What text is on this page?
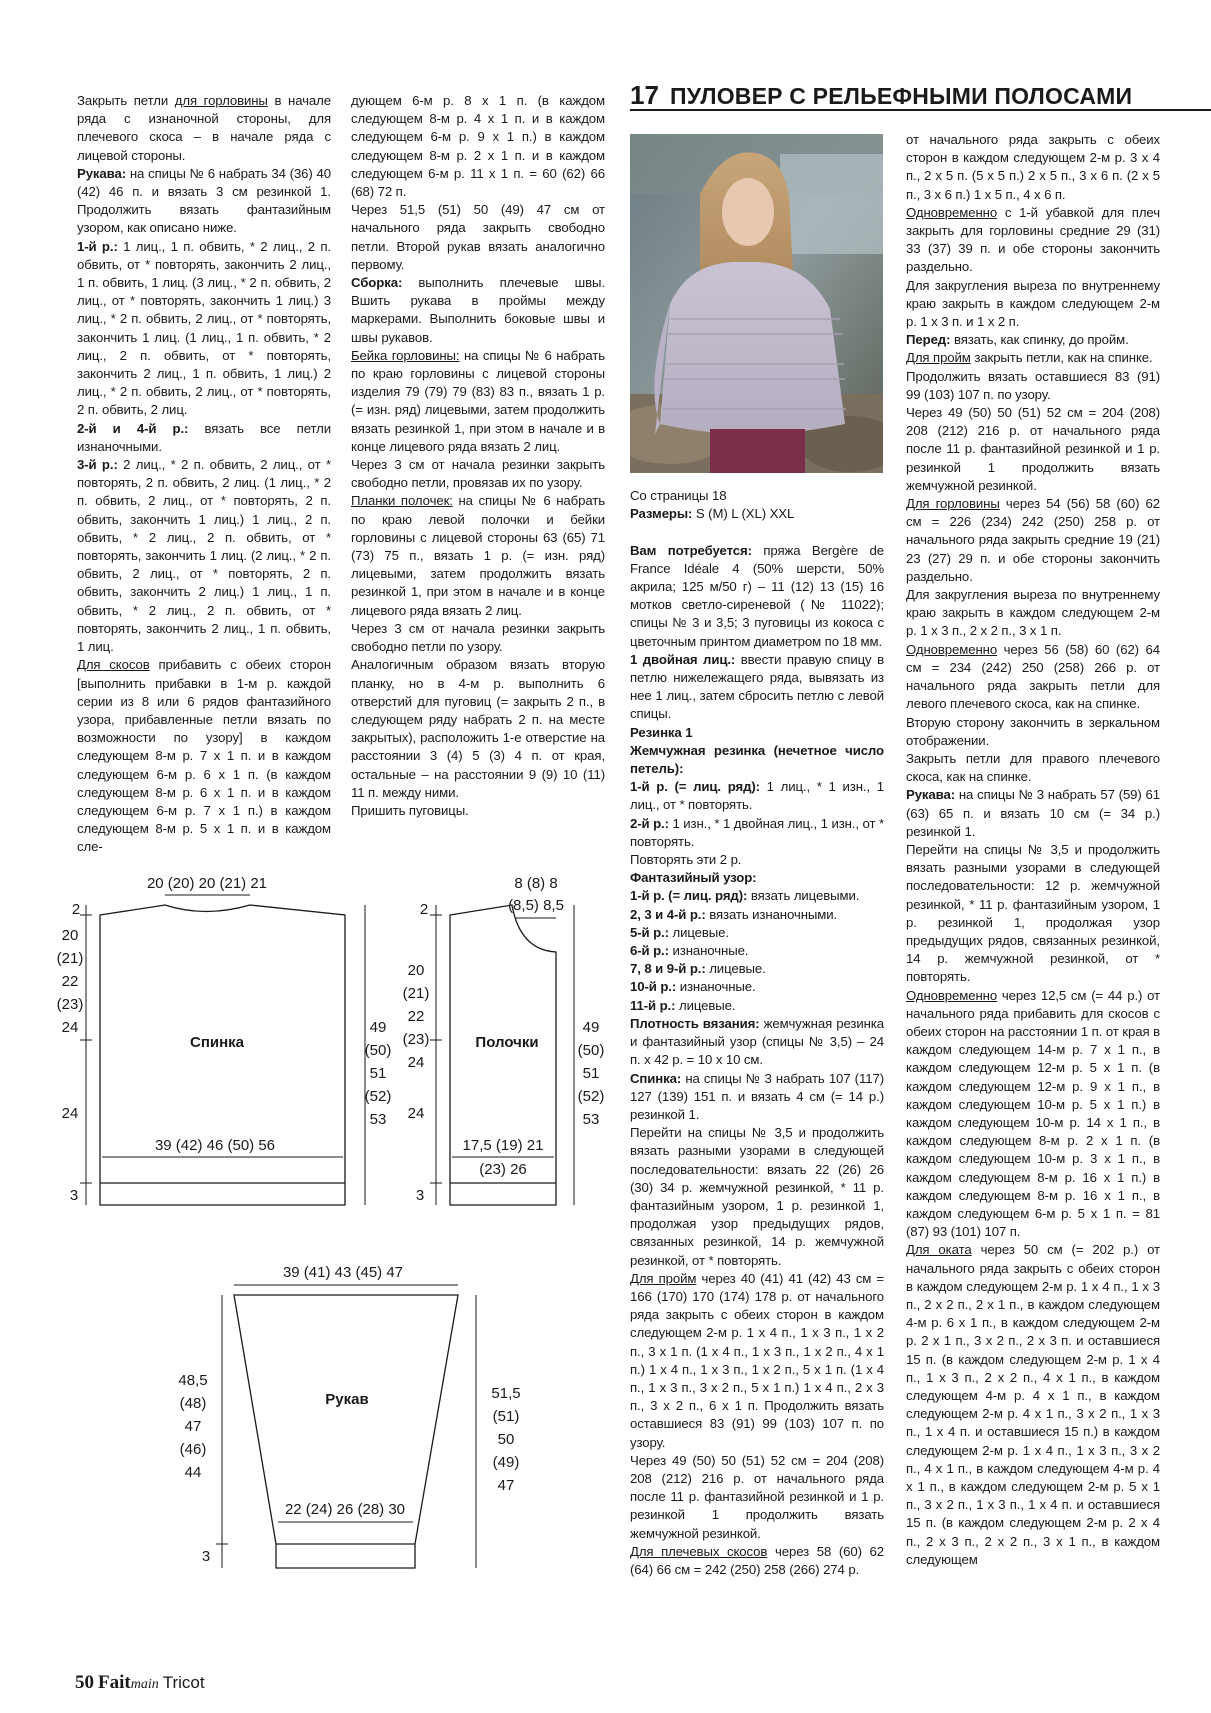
17 ПУЛОВЕР С РЕЛЬЕФНЫМИ ПОЛОСАМИ

Закрыть петли для горловины в начале ряда с изнаночной стороны, для плечевого скоса – в начале ряда с лицевой стороны.

Рукава: на спицы № 6 набрать 34 (36) 40 (42) 46 п. и вязать 3 см резинкой 1. Продолжить вязать фантазийным узором, как описано ниже.

1-й р.: 1 лиц., 1 п. обвить, * 2 лиц., 2 п. обвить, от * повторять, закончить 2 лиц., 1 п. обвить, 1 лиц. (3 лиц., * 2 п. обвить, 2 лиц., от * повторять, закончить 1 лиц.) 3 лиц., * 2 п. обвить, 2 лиц., от * повторять, закончить 1 лиц. (1 лиц., 1 п. обвить, * 2 лиц., 2 п. обвить, от * повторять, закончить 2 лиц., 1 п. обвить, 1 лиц.) 2 лиц., * 2 п. обвить, 2 лиц., от * повторять, 2 п. обвить, 2 лиц.

2-й и 4-й р.: вязать все петли изнаночными.

3-й р.: 2 лиц., * 2 п. обвить, 2 лиц., от * повторять, 2 п. обвить, 2 лиц. (1 лиц., * 2 п. обвить, 2 лиц., от * повторять, 2 п. обвить, закончить 1 лиц.) 1 лиц., 2 п. обвить, * 2 лиц., 2 п. обвить, от * повторять, закончить 1 лиц. (2 лиц., * 2 п. обвить, 2 лиц., от * повторять, 2 п. обвить, закончить 2 лиц.) 1 лиц., 1 п. обвить, * 2 лиц., 2 п. обвить, от * повторять, закончить 2 лиц., 1 п. обвить, 1 лиц.

Для скосов прибавить с обеих сторон [выполнить прибавки в 1-м р. каждой серии из 8 или 6 рядов фантазийного узора, прибавленные петли вязать по возможности по узору] в каждом следующем 8-м р. 7 х 1 п. и в каждом следующем 6-м р. 6 х 1 п. (в каждом следующем 8-м р. 6 х 1 п. и в каждом следующем 6-м р. 7 х 1 п.) в каждом следующем 8-м р. 5 х 1 п. и в каждом сле-

дующем 6-м р. 8 х 1 п. (в каждом следующем 8-м р. 4 х 1 п. и в каждом следующем 6-м р. 9 х 1 п.) в каждом следующем 8-м р. 2 х 1 п. и в каждом следующем 6-м р. 11 х 1 п. = 60 (62) 66 (68) 72 п.

Через 51,5 (51) 50 (49) 47 см от начального ряда закрыть свободно петли. Второй рукав вязать аналогично первому.

Сборка: выполнить плечевые швы. Вшить рукава в проймы между маркерами. Выполнить боковые швы и швы рукавов.

Бейка горловины: на спицы № 6 набрать по краю горловины с лицевой стороны изделия 79 (79) 79 (83) 83 п., вязать 1 р. (= изн. ряд) лицевыми, затем продолжить вязать резинкой 1, при этом в начале и в конце лицевого ряда вязать 2 лиц.

Через 3 см от начала резинки закрыть свободно петли, провязав их по узору.

Планки полочек: на спицы № 6 набрать по краю левой полочки и бейки горловины с лицевой стороны 63 (65) 71 (73) 75 п., вязать 1 р. (= изн. ряд) лицевыми, затем продолжить вязать резинкой 1, при этом в начале и в конце лицевого ряда вязать 2 лиц.

Через 3 см от начала резинки закрыть свободно петли по узору.

Аналогичным образом вязать вторую планку, но в 4-м р. выполнить 6 отверстий для пуговиц (= закрыть 2 п., в следующем ряду набрать 2 п. на месте закрытых), расположить 1-е отверстие на расстоянии 3 (4) 5 (3) 4 п. от края, остальные – на расстоянии 9 (9) 10 (11) 11 п. между ними.

Пришить пуговицы.

Со страницы 18

Размеры: S (M) L (XL) XXL

Вам потребуется: пряжа Bergère de France Idéale 4 (50% шерсти, 50% акрила; 125 м/50 г) – 11 (12) 13 (15) 16 мотков светло-сиреневой (№ 11022); спицы № 3 и 3,5; 3 пуговицы из кокоса с цветочным принтом диаметром по 18 мм.

1 двойная лиц.: ввести правую спицу в петлю нижележащего ряда, вывязать из нее 1 лиц., затем сбросить петлю с левой спицы.

Резинка 1

Жемчужная резинка (нечетное число петель):

1-й р. (= лиц. ряд): 1 лиц., * 1 изн., 1 лиц., от * повторять.

2-й р.: 1 изн., * 1 двойная лиц., 1 изн., от * повторять.

Повторять эти 2 р.

Фантазийный узор:

1-й р. (= лиц. ряд): вязать лицевыми.

2, 3 и 4-й р.: вязать изнаночными.

5-й р.: лицевые.

6-й р.: изнаночные.

7, 8 и 9-й р.: лицевые.

10-й р.: изнаночные.

11-й р.: лицевые.

Плотность вязания: жемчужная резинка и фантазийный узор (спицы № 3,5) – 24 п. х 42 р. = 10 х 10 см.

Спинка: на спицы № 3 набрать 107 (117) 127 (139) 151 п. и вязать 4 см (= 14 р.) резинкой 1.

Перейти на спицы № 3,5 и продолжить вязать разными узорами в следующей последовательности: вязать 22 (26) 26 (30) 34 р. жемчужной резинкой, * 11 р. фантазийным узором, 1 р. резинкой 1, продолжая узор предыдущих рядов, связанных резинкой, 14 р. жемчужной резинкой, от * повторять.

Для пройм через 40 (41) 41 (42) 43 см = 166 (170) 170 (174) 178 р. от начального ряда закрыть с обеих сторон в каждом следующем 2-м р. 1 х 4 п., 1 х 3 п., 1 х 2 п., 3 х 1 п. (1 х 4 п., 1 х 3 п., 1 х 2 п., 4 х 1 п.) 1 х 4 п., 1 х 3 п., 1 х 2 п., 5 х 1 п. (1 х 4 п., 1 х 3 п., 3 х 2 п., 5 х 1 п.) 1 х 4 п., 2 х 3 п., 3 х 2 п., 6 х 1 п. Продолжить вязать оставшиеся 83 (91) 99 (103) 107 п. по узору.

Через 49 (50) 50 (51) 52 см = 204 (208) 208 (212) 216 р. от начального ряда после 11 р. фантазийной резинкой и 1 р. резинкой 1 продолжить вязать жемчужной резинкой.

Для плечевых скосов через 58 (60) 62 (64) 66 см = 242 (250) 258 (266) 274 р.

от начального ряда закрыть с обеих сторон в каждом следующем 2-м р. 3 х 4 п., 2 х 5 п. (5 х 5 п.) 2 х 5 п., 3 х 6 п. (2 х 5 п., 3 х 6 п.) 1 х 5 п., 4 х 6 п.

Одновременно с 1-й убавкой для плеч закрыть для горловины средние 29 (31) 33 (37) 39 п. и обе стороны закончить раздельно.

Для закругления выреза по внутреннему краю закрыть в каждом следующем 2-м р. 1 х 3 п. и 1 х 2 п.

Перед: вязать, как спинку, до пройм.

Для пройм закрыть петли, как на спинке.

Продолжить вязать оставшиеся 83 (91) 99 (103) 107 п. по узору.

Через 49 (50) 50 (51) 52 см = 204 (208) 208 (212) 216 р. от начального ряда после 11 р. фантазийной резинкой и 1 р. резинкой 1 продолжить вязать жемчужной резинкой.

Для горловины через 54 (56) 58 (60) 62 см = 226 (234) 242 (250) 258 р. от начального ряда закрыть средние 19 (21) 23 (27) 29 п. и обе стороны закончить раздельно.

Для закругления выреза по внутреннему краю закрыть в каждом следующем 2-м р. 1 х 3 п., 2 х 2 п., 3 х 1 п.

Одновременно через 56 (58) 60 (62) 64 см = 234 (242) 250 (258) 266 р. от начального ряда закрыть петли для левого плечевого скоса, как на спинке.

Вторую сторону закончить в зеркальном отображении.

Закрыть петли для правого плечевого скоса, как на спинке.

Рукава: на спицы № 3 набрать 57 (59) 61 (63) 65 п. и вязать 10 см (= 34 р.) резинкой 1.

Перейти на спицы № 3,5 и продолжить вязать разными узорами в следующей последовательности: 12 р. жемчужной резинкой, * 11 р. фантазийным узором, 1 р. резинкой 1, продолжая узор предыдущих рядов, связанных резинкой, 14 р. жемчужной резинкой, от * повторять.

Одновременно через 12,5 см (= 44 р.) от начального ряда прибавить для скосов с обеих сторон на расстоянии 1 п. от края в каждом следующем 14-м р. 7 х 1 п., в каждом следующем 12-м р. 5 х 1 п. (в каждом следующем 12-м р. 9 х 1 п., в каждом следующем 10-м р. 5 х 1 п.) в каждом следующем 10-м р. 14 х 1 п., в каждом следующем 8-м р. 2 х 1 п. (в каждом следующем 10-м р. 3 х 1 п., в каждом следующем 8-м р. 16 х 1 п.) в каждом следующем 8-м р. 16 х 1 п., в каждом следующем 6-м р. 5 х 1 п. = 81 (87) 93 (101) 107 п.

Для оката через 50 см (= 202 р.) от начального ряда закрыть с обеих сторон в каждом следующем 2-м р. 1 х 4 п., 1 х 3 п., 2 х 2 п., 2 х 1 п., в каждом следующем 4-м р. 6 х 1 п., в каждом следующем 2-м р. 2 х 1 п., 3 х 2 п., 2 х 3 п. и оставшиеся 15 п. (в каждом следующем 2-м р. 1 х 4 п., 1 х 3 п., 2 х 2 п., 4 х 1 п., в каждом следующем 4-м р. 4 х 1 п., в каждом следующем 2-м р. 4 х 1 п., 3 х 2 п., 1 х 3 п., 1 х 4 п. и оставшиеся 15 п.) в каждом следующем 2-м р. 1 х 4 п., 1 х 3 п., 3 х 2 п., 4 х 1 п., в каждом следующем 4-м р. 4 х 1 п., в каждом следующем 2-м р. 5 х 1 п., 3 х 2 п., 1 х 3 п., 1 х 4 п. и оставшиеся 15 п. (в каждом следующем 2-м р. 2 х 4 п., 2 х 3 п., 2 х 2 п., 3 х 1 п., в каждом следующем

20 (20) 20 (21) 21
Спинка
39 (42) 46 (50) 56
2
20
(21)
22
(23)
24
24
3
49
(50)
51
(52)
53
8 (8) 8
(8,5) 8,5
Полочки
17,5 (19) 21
(23) 26
2
20
(21)
22
(23)
24
24
3
49
(50)
51
(52)
53
39 (41) 43 (45) 47
Рукав
22 (24) 26 (28) 30
48,5
(48)
47
(46)
44
3
51,5
(51)
50
(49)
47
50 Faitmain Tricot
